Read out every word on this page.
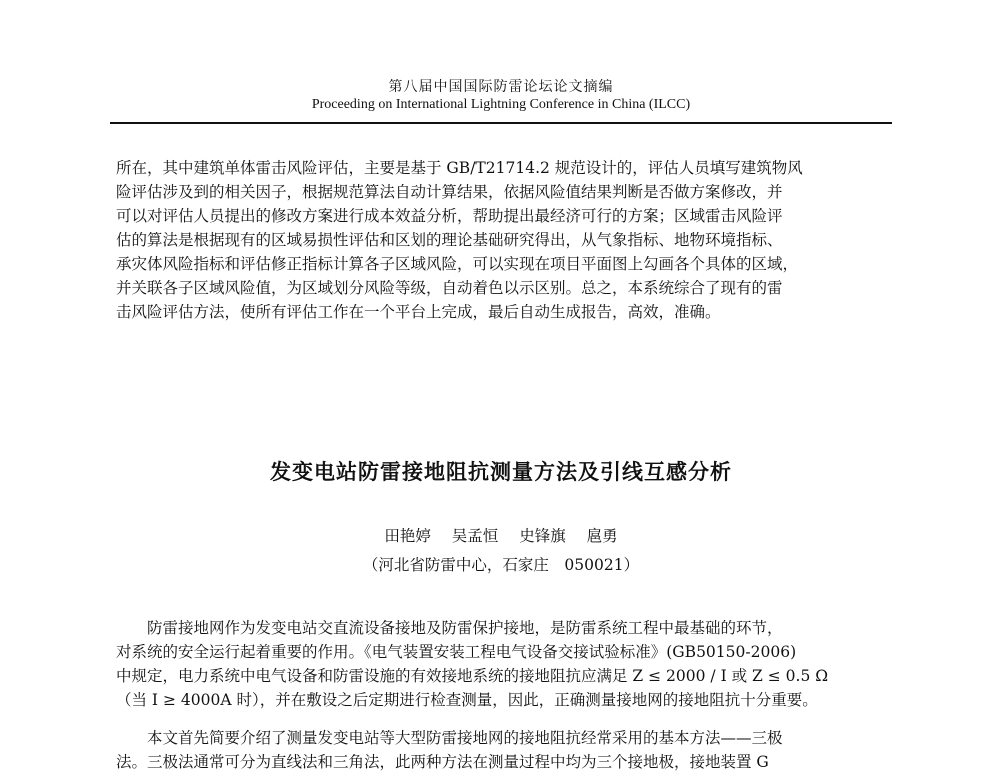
第八届中国国际防雷论坛论文摘编
Proceeding on International Lightning Conference in China (ILCC)
所在，其中建筑单体雷击风险评估，主要是基于 GB/T21714.2 规范设计的，评估人员填写建筑物风
险评估涉及到的相关因子，根据规范算法自动计算结果，依据风险值结果判断是否做方案修改，并
可以对评估人员提出的修改方案进行成本效益分析，帮助提出最经济可行的方案；区域雷击风险评
估的算法是根据现有的区域易损性评估和区划的理论基础研究得出，从气象指标、地物环境指标、
承灾体风险指标和评估修正指标计算各子区域风险，可以实现在项目平面图上勾画各个具体的区域，
并关联各子区域风险值，为区域划分风险等级，自动着色以示区别。总之，本系统综合了现有的雷
击风险评估方法，使所有评估工作在一个平台上完成，最后自动生成报告，高效，准确。
发变电站防雷接地阻抗测量方法及引线互感分析
田艳婷 吴孟恒 史锋旗 扈勇
（河北省防雷中心，石家庄　050021）
防雷接地网作为发变电站交直流设备接地及防雷保护接地，是防雷系统工程中最基础的环节，
对系统的安全运行起着重要的作用。《电气装置安装工程电气设备交接试验标准》(GB50150-2006)
中规定，电力系统中电气设备和防雷设施的有效接地系统的接地阻抗应满足 Z ≤ 2000 / I 或 Z ≤ 0.5 Ω
（当 I ≥ 4000A 时），并在敷设之后定期进行检查测量，因此，正确测量接地网的接地阻抗十分重要。
本文首先简要介绍了测量发变电站等大型防雷接地网的接地阻抗经常采用的基本方法——三极
法。三极法通常可分为直线法和三角法，此两种方法在测量过程中均为三个接地极，接地装置 G
